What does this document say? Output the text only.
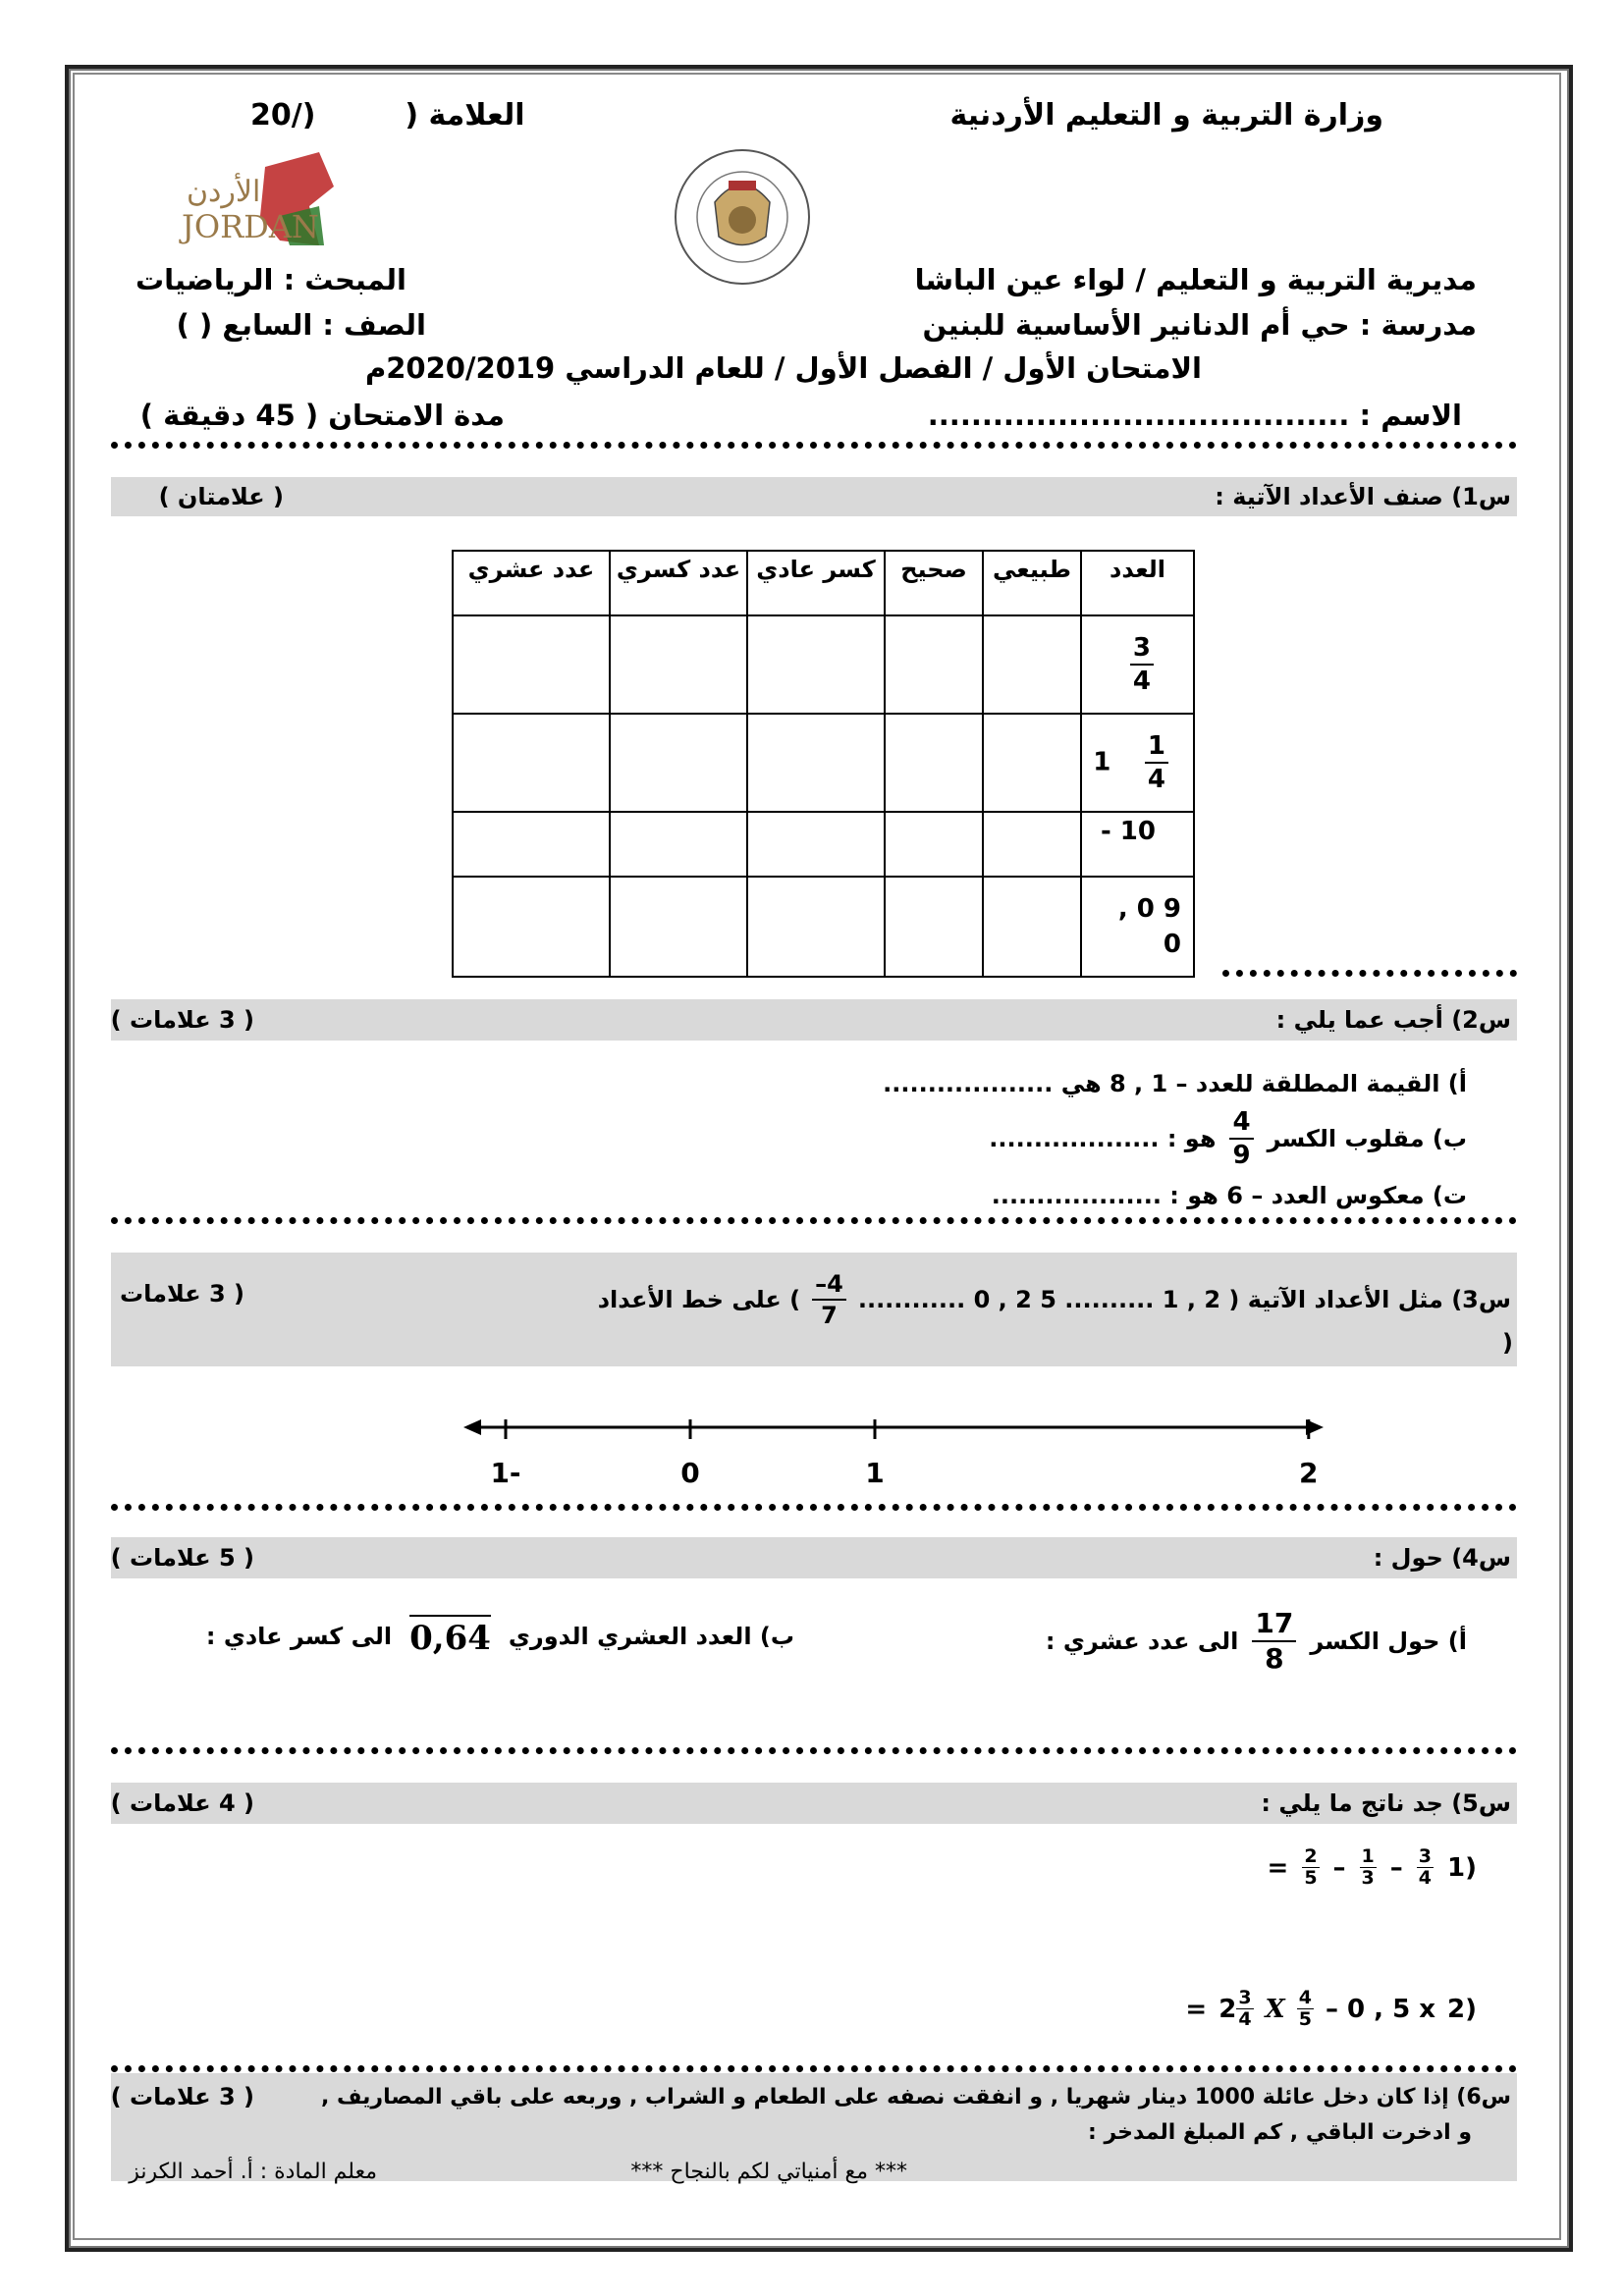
وزارة التربية و التعليم الأردنية
20/)	العلامة (
الأردن
JORDAN
مديرية التربية و التعليم / لواء عين الباشا
المبحث : الرياضيات
مدرسة : حي أم الدنانير الأساسية للبنين
الصف : السابع ( )
الامتحان الأول / الفصل الأول / للعام الدراسي 2020/2019م
الاسم : .......................................
مدة الامتحان ( 45 دقيقة )
س1) صنف الأعداد الآتية :
( علامتان )
العدد	طبيعي	صحيح	كسر عادي	عدد كسري	عدد عشري

$\frac{3}{4}$

$1 \frac{1}{4}$

- 10					

, 0 9
0					

س2) أجب عما يلي :
( 3 علامات )
أ) القيمة المطلقة للعدد – 1 , 8 هي ...................
ب) مقلوب الكسر
$\frac{4}{9}$
هو : ...................
ت) معكوس العدد – 6 هو : ...................
س3) مثل الأعداد الآتية ( 2 , 1 .......... 5 2 , 0 ............
$\frac{4-}{7}$
) على خط الأعداد
( 3 علامات
)
1-	0	1	2
س4) حول :
( 5 علامات )
أ) حول الكسر
$\frac{17}{8}$
الى عدد عشري :
ب) العدد العشري الدوري
0,64
الى كسر عادي :
س5) جد ناتج ما يلي :
( 4 علامات )
(1
$\frac{3}{4}$
–
$\frac{1}{3}$
–
$\frac{2}{5}$
=
(2
– 0 , 5 x
$\frac{4}{5}$
X
$2 \frac{3}{4}$
=
س6) إذا كان دخل عائلة 1000 دينار شهريا , و انفقت نصفه على الطعام و الشراب , وربعه على باقي المصاريف ,
( 3 علامات )
و ادخرت الباقي , كم المبلغ المدخر :
*** مع أمنياتي لكم بالنجاح ***
معلم المادة : أ. أحمد الكرنز
